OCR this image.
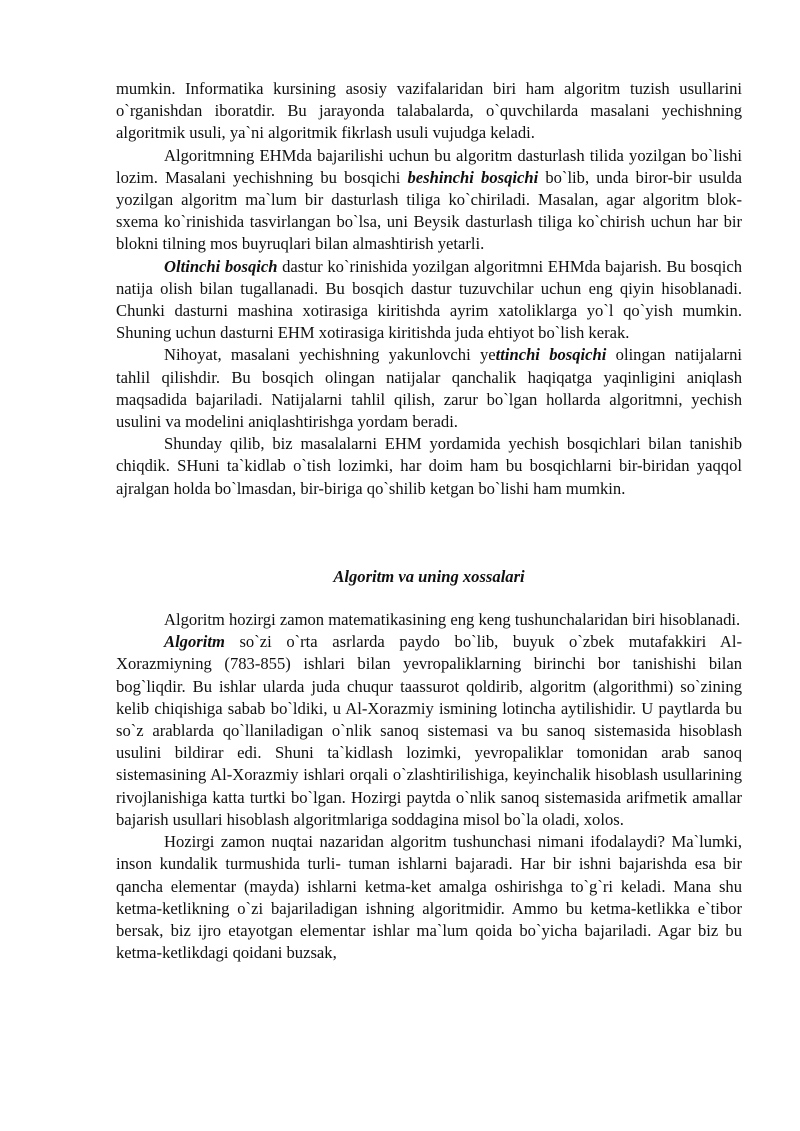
mumkin. Informatika kursining asosiy vazifalaridan biri ham algoritm tuzish usullarini o`rganishdan iboratdir. Bu jarayonda talabalarda, o`quvchilarda masalani yechishning algoritmik usuli, ya`ni algoritmik fikrlash usuli vujudga keladi.

Algoritmning EHMda bajarilishi uchun bu algoritm dasturlash tilida yozilgan bo`lishi lozim. Masalani yechishning bu bosqichi beshinchi bosqichi bo`lib, unda biror-bir usulda yozilgan algoritm ma`lum bir dasturlash tiliga ko`chiriladi. Masalan, agar algoritm blok-sxema ko`rinishida tasvirlangan bo`lsa, uni Beysik dasturlash tiliga ko`chirish uchun har bir blokni tilning mos buyruqlari bilan almashtirish yetarli.

Oltinchi bosqich dastur ko`rinishida yozilgan algoritmni EHMda bajarish. Bu bosqich natija olish bilan tugallanadi. Bu bosqich dastur tuzuvchilar uchun eng qiyin hisoblanadi. Chunki dasturni mashina xotirasiga kiritishda ayrim xatoliklarga yo`l qo`yish mumkin. Shuning uchun dasturni EHM xotirasiga kiritishda juda ehtiyot bo`lish kerak.

Nihoyat, masalani yechishning yakunlovchi yettinchi bosqichi olingan natijalarni tahlil qilishdir. Bu bosqich olingan natijalar qanchalik haqiqatga yaqinligini aniqlash maqsadida bajariladi. Natijalarni tahlil qilish, zarur bo`lgan hollarda algoritmni, yechish usulini va modelini aniqlashtirishga yordam beradi.

Shunday qilib, biz masalalarni EHM yordamida yechish bosqichlari bilan tanishib chiqdik. SHuni ta`kidlab o`tish lozimki, har doim ham bu bosqichlarni bir-biridan yaqqol ajralgan holda bo`lmasdan, bir-biriga qo`shilib ketgan bo`lishi ham mumkin.

Algoritm va uning xossalari

Algoritm hozirgi zamon matematikasining eng keng tushunchalaridan biri hisoblanadi.

Algoritm so`zi o`rta asrlarda paydo bo`lib, buyuk o`zbek mutafakkiri Al-Xorazmiyning (783-855) ishlari bilan yevropaliklarning birinchi bor tanishishi bilan bog`liqdir. Bu ishlar ularda juda chuqur taassurot qoldirib, algoritm (algorithmi) so`zining kelib chiqishiga sabab bo`ldiki, u Al-Xorazmiy ismining lotincha aytilishidir. U paytlarda bu so`z arablarda qo`llaniladigan o`nlik sanoq sistemasi va bu sanoq sistemasida hisoblash usulini bildirar edi. Shuni ta`kidlash lozimki, yevropaliklar tomonidan arab sanoq sistemasining Al-Xorazmiy ishlari orqali o`zlashtirilishiga, keyinchalik hisoblash usullarining rivojlanishiga katta turtki bo`lgan. Hozirgi paytda o`nlik sanoq sistemasida arifmetik amallar bajarish usullari hisoblash algoritmlariga soddagina misol bo`la oladi, xolos.

Hozirgi zamon nuqtai nazaridan algoritm tushunchasi nimani ifodalaydi? Ma`lumki, inson kundalik turmushida turli- tuman ishlarni bajaradi. Har bir ishni bajarishda esa bir qancha elementar (mayda) ishlarni ketma-ket amalga oshirishga to`g`ri keladi. Mana shu ketma-ketlikning o`zi bajariladigan ishning algoritmidir. Ammo bu ketma-ketlikka e`tibor bersak, biz ijro etayotgan elementar ishlar ma`lum qoida bo`yicha bajariladi. Agar biz bu ketma-ketlikdagi qoidani buzsak,
